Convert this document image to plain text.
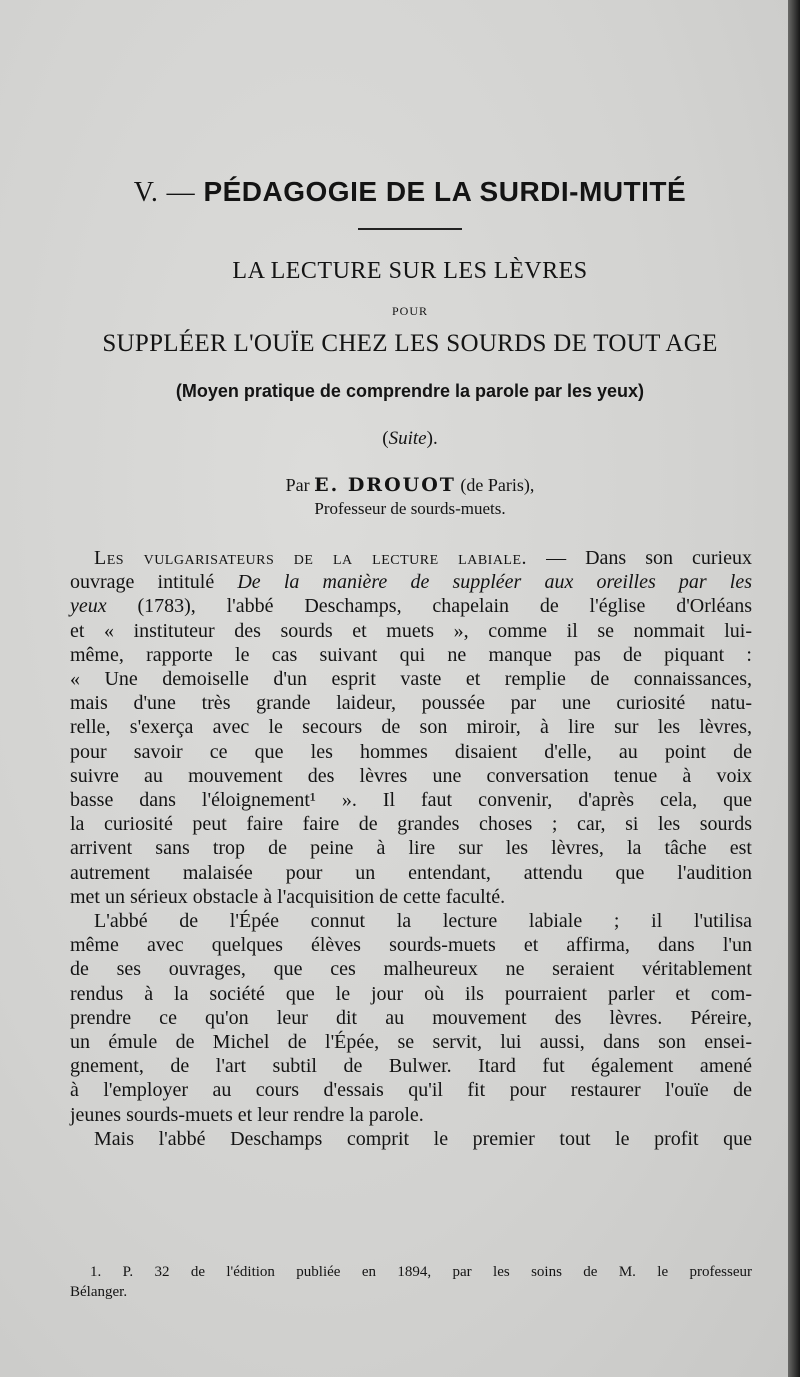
V. — PÉDAGOGIE DE LA SURDI-MUTITÉ
LA LECTURE SUR LES LÈVRES
POUR
SUPPLÉER L'OUÏE CHEZ LES SOURDS DE TOUT AGE
(Moyen pratique de comprendre la parole par les yeux)
(Suite).
Par E. DROUOT (de Paris),
Professeur de sourds-muets.
Les vulgarisateurs de la lecture labiale. — Dans son curieux
ouvrage intitulé De la manière de suppléer aux oreilles par les
yeux (1783), l'abbé Deschamps, chapelain de l'église d'Orléans
et « instituteur des sourds et muets », comme il se nommait lui-
même, rapporte le cas suivant qui ne manque pas de piquant :
« Une demoiselle d'un esprit vaste et remplie de connaissances,
mais d'une très grande laideur, poussée par une curiosité natu-
relle, s'exerça avec le secours de son miroir, à lire sur les lèvres,
pour savoir ce que les hommes disaient d'elle, au point de
suivre au mouvement des lèvres une conversation tenue à voix
basse dans l'éloignement¹ ». Il faut convenir, d'après cela, que
la curiosité peut faire faire de grandes choses ; car, si les sourds
arrivent sans trop de peine à lire sur les lèvres, la tâche est
autrement malaisée pour un entendant, attendu que l'audition
met un sérieux obstacle à l'acquisition de cette faculté.
L'abbé de l'Épée connut la lecture labiale ; il l'utilisa
même avec quelques élèves sourds-muets et affirma, dans l'un
de ses ouvrages, que ces malheureux ne seraient véritablement
rendus à la société que le jour où ils pourraient parler et com-
prendre ce qu'on leur dit au mouvement des lèvres. Péreire,
un émule de Michel de l'Épée, se servit, lui aussi, dans son ensei-
gnement, de l'art subtil de Bulwer. Itard fut également amené
à l'employer au cours d'essais qu'il fit pour restaurer l'ouïe de
jeunes sourds-muets et leur rendre la parole.
Mais l'abbé Deschamps comprit le premier tout le profit que
1. P. 32 de l'édition publiée en 1894, par les soins de M. le professeur
Bélanger.
